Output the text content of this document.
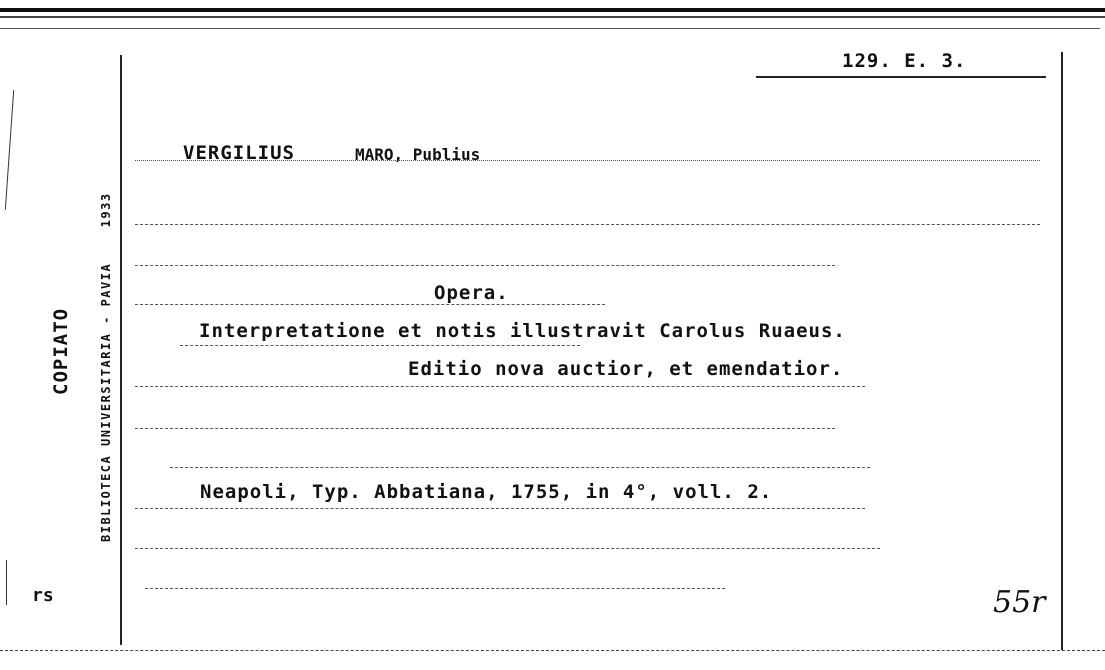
129. E. 3.
VERGILIUS	MARO, Publius
Opera.
Interpretatione et notis illustravit Carolus Ruaeus.
Editio nova auctior, et emendatior.
Neapoli, Typ. Abbatiana, 1755, in 4°, voll. 2.
BIBLIOTECA UNIVERSITARIA - PAVIA  1933
COPIATO
rs	55r
